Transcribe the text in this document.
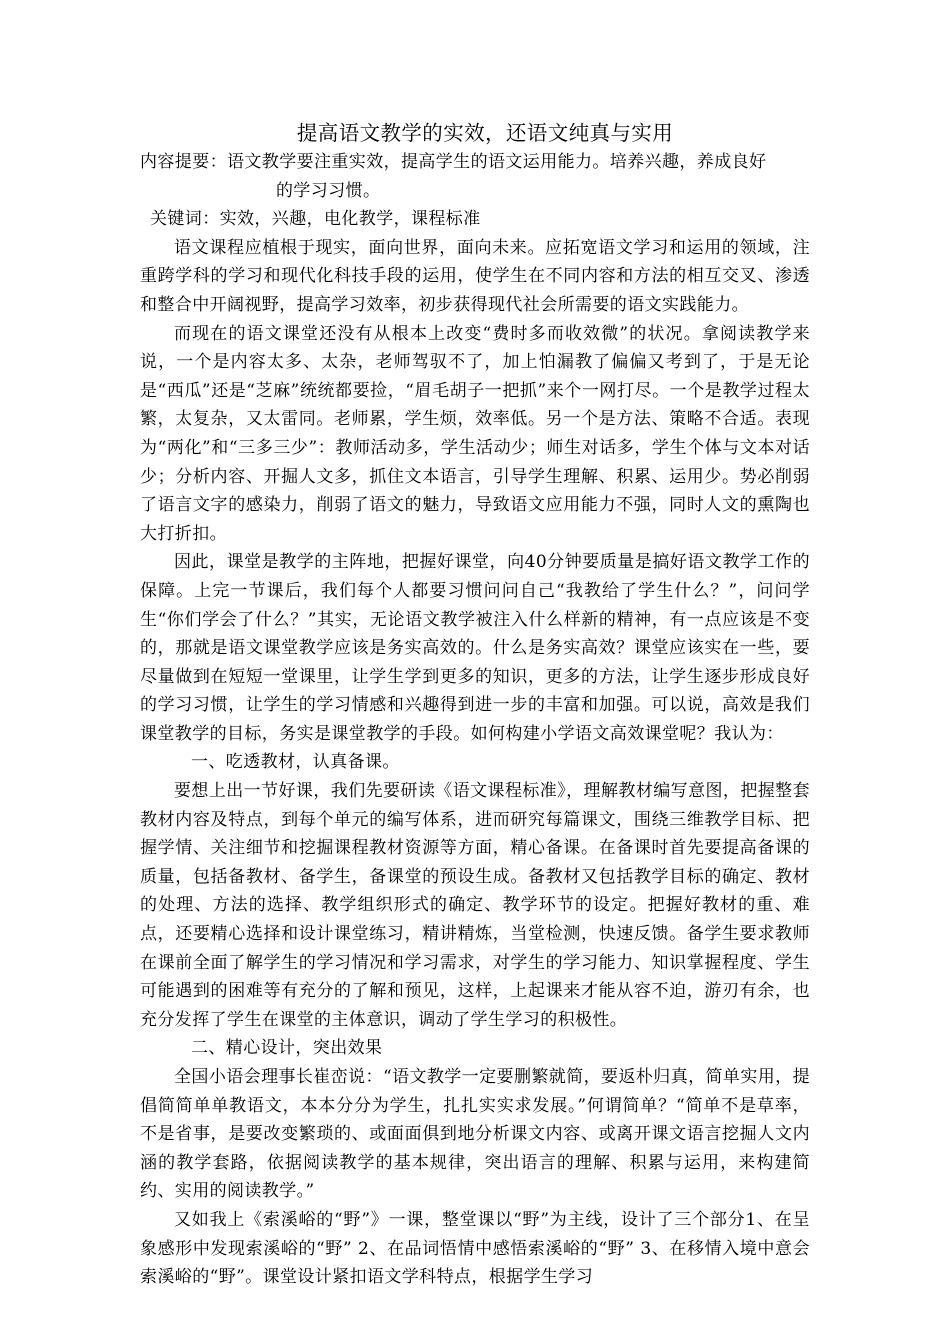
提高语文教学的实效，还语文纯真与实用

内容提要：语文教学要注重实效，提高学生的语文运用能力。培养兴趣，养成良好

的学习习惯。

关键词：实效，兴趣，电化教学，课程标准

语文课程应植根于现实，面向世界，面向未来。应拓宽语文学习和运用的领域，注重跨学科的学习和现代化科技手段的运用，使学生在不同内容和方法的相互交叉、渗透和整合中开阔视野，提高学习效率，初步获得现代社会所需要的语文实践能力。

而现在的语文课堂还没有从根本上改变“费时多而收效微”的状况。拿阅读教学来说，一个是内容太多、太杂，老师驾驭不了，加上怕漏教了偏偏又考到了，于是无论是“西瓜”还是“芝麻”统统都要捡，“眉毛胡子一把抓”来个一网打尽。一个是教学过程太繁，太复杂，又太雷同。老师累，学生烦，效率低。另一个是方法、策略不合适。表现为“两化”和“三多三少”：教师活动多，学生活动少；师生对话多，学生个体与文本对话少；分析内容、开掘人文多，抓住文本语言，引导学生理解、积累、运用少。势必削弱了语言文字的感染力，削弱了语文的魅力，导致语文应用能力不强，同时人文的熏陶也大打折扣。

因此，课堂是教学的主阵地，把握好课堂，向40分钟要质量是搞好语文教学工作的保障。上完一节课后，我们每个人都要习惯问问自己“我教给了学生什么？”，问问学生“你们学会了什么？”其实，无论语文教学被注入什么样新的精神，有一点应该是不变的，那就是语文课堂教学应该是务实高效的。什么是务实高效？课堂应该实在一些，要尽量做到在短短一堂课里，让学生学到更多的知识，更多的方法，让学生逐步形成良好的学习习惯，让学生的学习情感和兴趣得到进一步的丰富和加强。可以说，高效是我们课堂教学的目标，务实是课堂教学的手段。如何构建小学语文高效课堂呢？我认为：

一、吃透教材，认真备课。

要想上出一节好课，我们先要研读《语文课程标准》，理解教材编写意图，把握整套教材内容及特点，到每个单元的编写体系，进而研究每篇课文，围绕三维教学目标、把握学情、关注细节和挖掘课程教材资源等方面，精心备课。在备课时首先要提高备课的质量，包括备教材、备学生，备课堂的预设生成。备教材又包括教学目标的确定、教材的处理、方法的选择、教学组织形式的确定、教学环节的设定。把握好教材的重、难点，还要精心选择和设计课堂练习，精讲精炼，当堂检测，快速反馈。备学生要求教师在课前全面了解学生的学习情况和学习需求，对学生的学习能力、知识掌握程度、学生可能遇到的困难等有充分的了解和预见，这样，上起课来才能从容不迫，游刃有余，也充分发挥了学生在课堂的主体意识，调动了学生学习的积极性。

二、精心设计，突出效果

全国小语会理事长崔峦说：“语文教学一定要删繁就简，要返朴归真，简单实用，提倡简简单单教语文，本本分分为学生，扎扎实实求发展。”何谓简单？“简单不是草率，不是省事，是要改变繁琐的、或面面俱到地分析课文内容、或离开课文语言挖掘人文内涵的教学套路，依据阅读教学的基本规律，突出语言的理解、积累与运用，来构建简约、实用的阅读教学。”

又如我上《索溪峪的“野”》一课，整堂课以“野”为主线，设计了三个部分1、在呈象感形中发现索溪峪的“野” 2、在品词悟情中感悟索溪峪的“野” 3、在移情入境中意会索溪峪的“野”。课堂设计紧扣语文学科特点，根据学生学习
